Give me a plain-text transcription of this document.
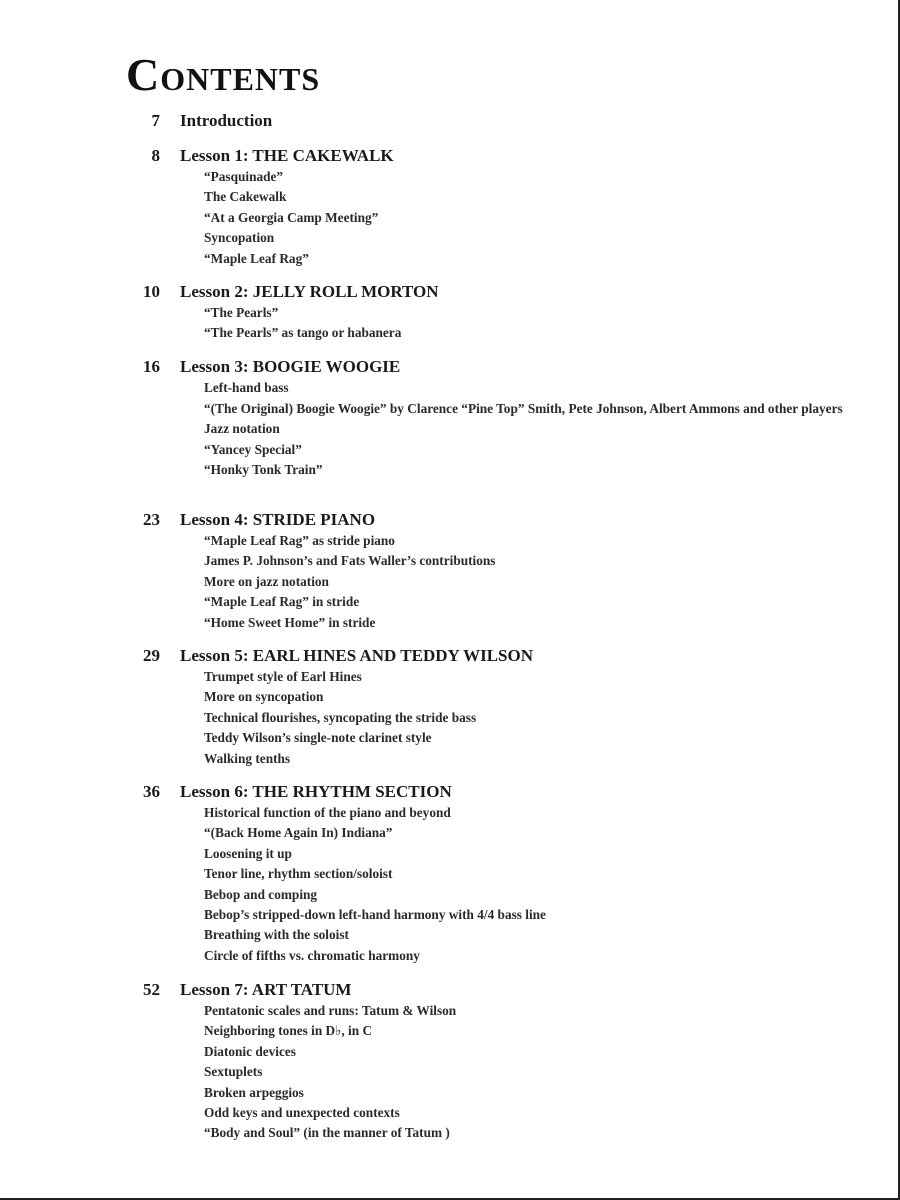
Contents
7 Introduction
8 Lesson 1: THE CAKEWALK
“Pasquinade”
The Cakewalk
“At a Georgia Camp Meeting”
Syncopation
“Maple Leaf Rag”
10 Lesson 2: JELLY ROLL MORTON
“The Pearls”
“The Pearls” as tango or habanera
16 Lesson 3: BOOGIE WOOGIE
Left-hand bass
“(The Original) Boogie Woogie” by Clarence “Pine Top” Smith, Pete Johnson, Albert Ammons and other players
Jazz notation
“Yancey Special”
“Honky Tonk Train”
23 Lesson 4: STRIDE PIANO
“Maple Leaf Rag” as stride piano
James P. Johnson’s and Fats Waller’s contributions
More on jazz notation
“Maple Leaf Rag” in stride
“Home Sweet Home” in stride
29 Lesson 5: EARL HINES AND TEDDY WILSON
Trumpet style of Earl Hines
More on syncopation
Technical flourishes, syncopating the stride bass
Teddy Wilson’s single-note clarinet style
Walking tenths
36 Lesson 6: THE RHYTHM SECTION
Historical function of the piano and beyond
“(Back Home Again In) Indiana”
Loosening it up
Tenor line, rhythm section/soloist
Bebop and comping
Bebop’s stripped-down left-hand harmony with 4/4 bass line
Breathing with the soloist
Circle of fifths vs. chromatic harmony
52 Lesson 7: ART TATUM
Pentatonic scales and runs: Tatum & Wilson
Neighboring tones in D♭, in C
Diatonic devices
Sextuplets
Broken arpeggios
Odd keys and unexpected contexts
“Body and Soul” (in the manner of Tatum )
